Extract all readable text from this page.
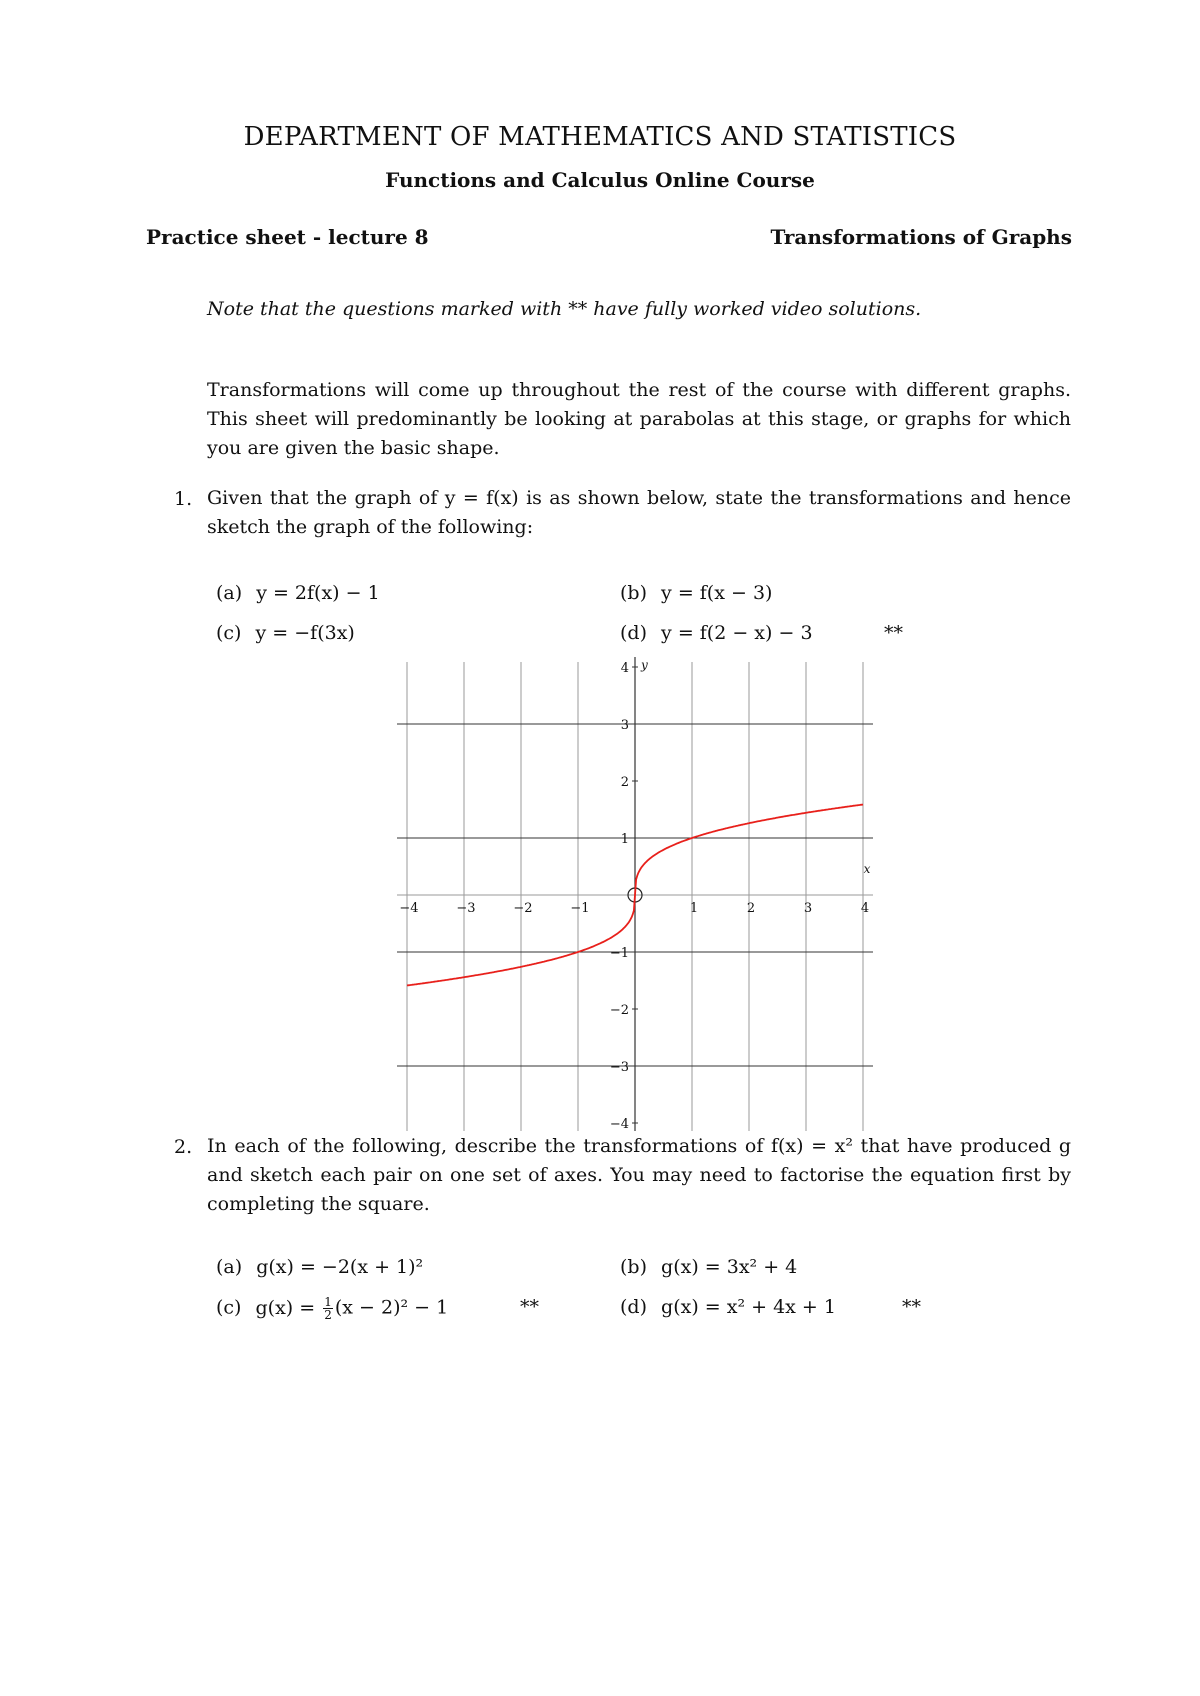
DEPARTMENT OF MATHEMATICS AND STATISTICS
Functions and Calculus Online Course
Practice sheet - lecture 8	Transformations of Graphs
Note that the questions marked with ** have fully worked video solutions.
Transformations will come up throughout the rest of the course with different graphs. This sheet will predominantly be looking at parabolas at this stage, or graphs for which you are given the basic shape.
1. Given that the graph of y = f(x) is as shown below, state the transformations and hence sketch the graph of the following:
(a) y = 2f(x) − 1	(b) y = f(x − 3)
(c) y = −f(3x)	(d) y = f(2 − x) − 3	**
−4	−3	−2	−1	1	2	3	4
−4
−3
−2
−1
1
2
3
4 y
x
2. In each of the following, describe the transformations of f(x) = x² that have produced g and sketch each pair on one set of axes. You may need to factorise the equation first by completing the square.
(a) g(x) = −2(x + 1)²	(b) g(x) = 3x² + 4
(c) $g(x) = \frac{1}{2} (x - 2)^2 - 1$	**	(d) g(x) = x² + 4x + 1	**
